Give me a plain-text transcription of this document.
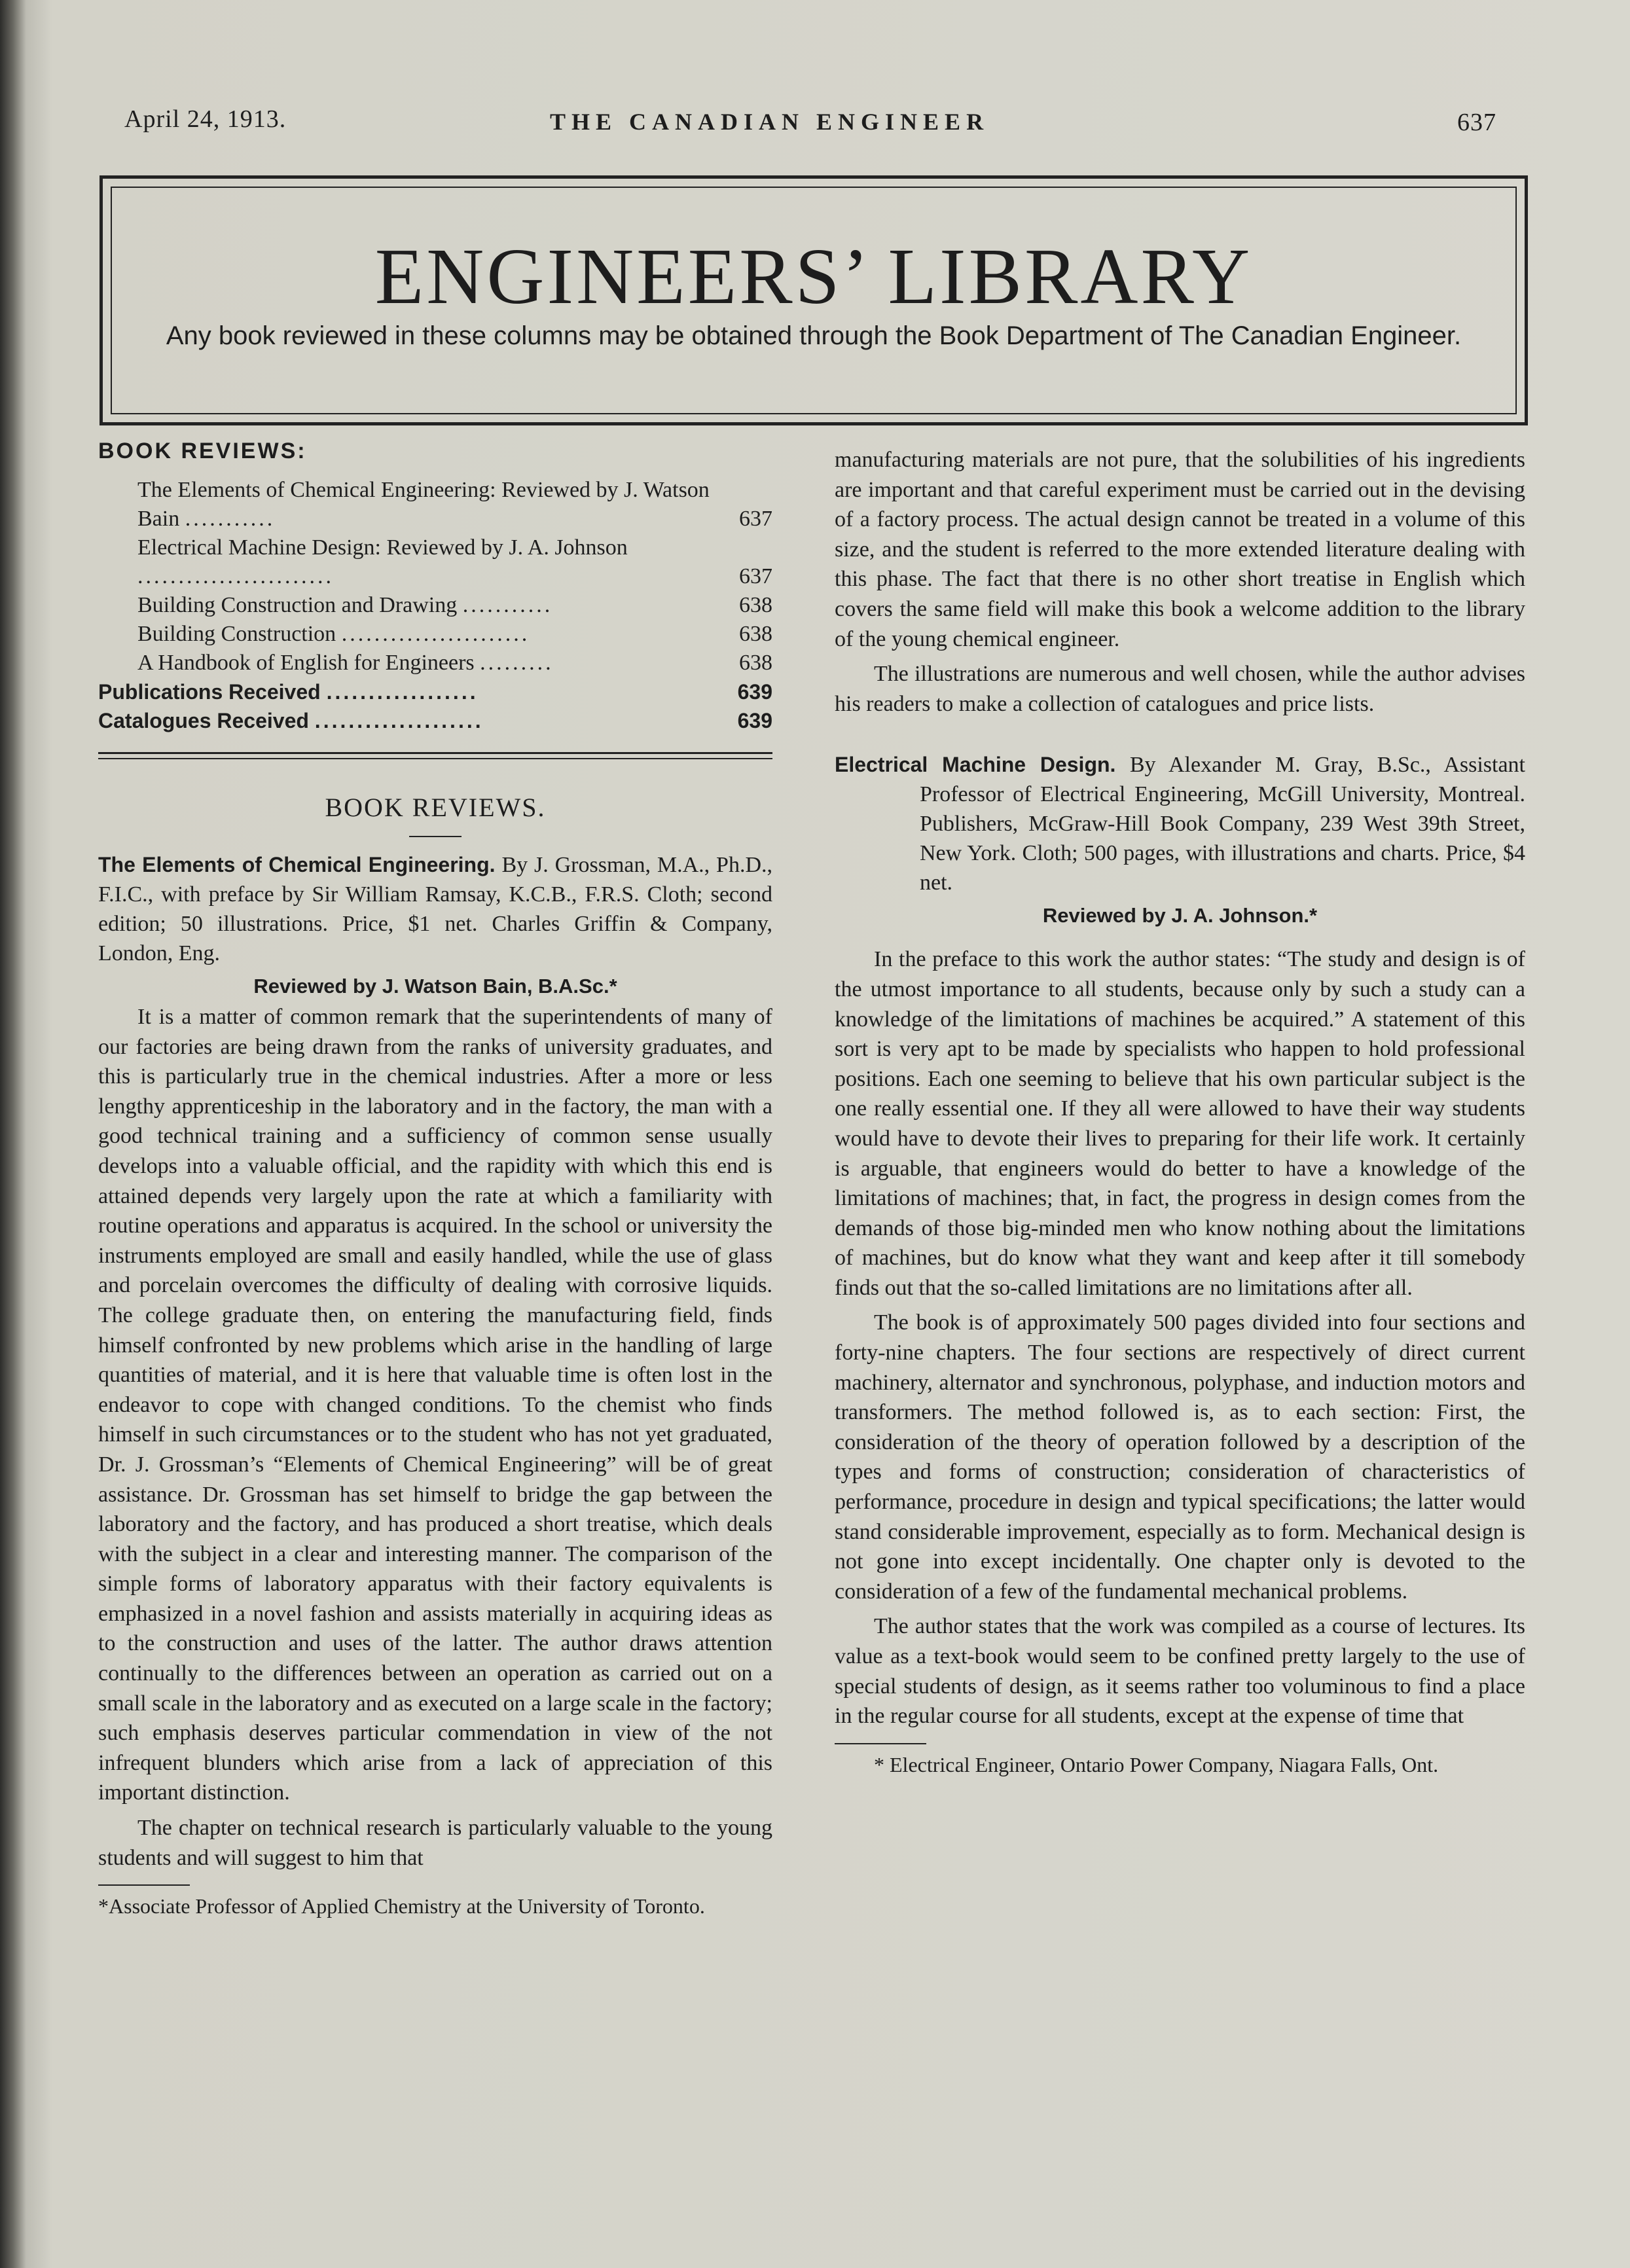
April 24, 1913.	THE CANADIAN ENGINEER	637
ENGINEERS’ LIBRARY
Any book reviewed in these columns may be obtained through the Book Department of The Canadian Engineer.
BOOK REVIEWS:
The Elements of Chemical Engineering: Reviewed by J. Watson Bain ...........	637
Electrical Machine Design: Reviewed by J. A. Johnson ........................	637
Building Construction and Drawing ...........	638
Building Construction .......................	638
A Handbook of English for Engineers .........	638
Publications Received ..................	639
Catalogues Received ....................	639
BOOK REVIEWS.
The Elements of Chemical Engineering. By J. Grossman, M.A., Ph.D., F.I.C., with preface by Sir William Ramsay, K.C.B., F.R.S. Cloth; second edition; 50 illustrations. Price, $1 net. Charles Griffin & Company, London, Eng.
Reviewed by J. Watson Bain, B.A.Sc.*

It is a matter of common remark that the superintendents of many of our factories are being drawn from the ranks of university graduates, and this is particularly true in the chemical industries. After a more or less lengthy apprenticeship in the laboratory and in the factory, the man with a good technical training and a sufficiency of common sense usually develops into a valuable official, and the rapidity with which this end is attained depends very largely upon the rate at which a familiarity with routine operations and apparatus is acquired. In the school or university the instruments employed are small and easily handled, while the use of glass and porcelain overcomes the difficulty of dealing with corrosive liquids. The college graduate then, on entering the manufacturing field, finds himself confronted by new problems which arise in the handling of large quantities of material, and it is here that valuable time is often lost in the endeavor to cope with changed conditions. To the chemist who finds himself in such circumstances or to the student who has not yet graduated, Dr. J. Grossman’s “Elements of Chemical Engineering” will be of great assistance. Dr. Grossman has set himself to bridge the gap between the laboratory and the factory, and has produced a short treatise, which deals with the subject in a clear and interesting manner. The comparison of the simple forms of laboratory apparatus with their factory equivalents is emphasized in a novel fashion and assists materially in acquiring ideas as to the construction and uses of the latter. The author draws attention continually to the differences between an operation as carried out on a small scale in the laboratory and as executed on a large scale in the factory; such emphasis deserves particular commendation in view of the not infrequent blunders which arise from a lack of appreciation of this important distinction.

The chapter on technical research is particularly valuable to the young students and will suggest to him that

*Associate Professor of Applied Chemistry at the University of Toronto.

manufacturing materials are not pure, that the solubilities of his ingredients are important and that careful experiment must be carried out in the devising of a factory process. The actual design cannot be treated in a volume of this size, and the student is referred to the more extended literature dealing with this phase. The fact that there is no other short treatise in English which covers the same field will make this book a welcome addition to the library of the young chemical engineer.

The illustrations are numerous and well chosen, while the author advises his readers to make a collection of catalogues and price lists.

Electrical Machine Design. By Alexander M. Gray, B.Sc., Assistant Professor of Electrical Engineering, McGill University, Montreal. Publishers, McGraw-Hill Book Company, 239 West 39th Street, New York. Cloth; 500 pages, with illustrations and charts. Price, $4 net.
Reviewed by J. A. Johnson.*

In the preface to this work the author states: “The study and design is of the utmost importance to all students, because only by such a study can a knowledge of the limitations of machines be acquired.” A statement of this sort is very apt to be made by specialists who happen to hold professional positions. Each one seeming to believe that his own particular subject is the one really essential one. If they all were allowed to have their way students would have to devote their lives to preparing for their life work. It certainly is arguable, that engineers would do better to have a knowledge of the limitations of machines; that, in fact, the progress in design comes from the demands of those big-minded men who know nothing about the limitations of machines, but do know what they want and keep after it till somebody finds out that the so-called limitations are no limitations after all.

The book is of approximately 500 pages divided into four sections and forty-nine chapters. The four sections are respectively of direct current machinery, alternator and synchronous, polyphase, and induction motors and transformers. The method followed is, as to each section: First, the consideration of the theory of operation followed by a description of the types and forms of construction; consideration of characteristics of performance, procedure in design and typical specifications; the latter would stand considerable improvement, especially as to form. Mechanical design is not gone into except incidentally. One chapter only is devoted to the consideration of a few of the fundamental mechanical problems.

The author states that the work was compiled as a course of lectures. Its value as a text-book would seem to be confined pretty largely to the use of special students of design, as it seems rather too voluminous to find a place in the regular course for all students, except at the expense of time that

* Electrical Engineer, Ontario Power Company, Niagara Falls, Ont.
